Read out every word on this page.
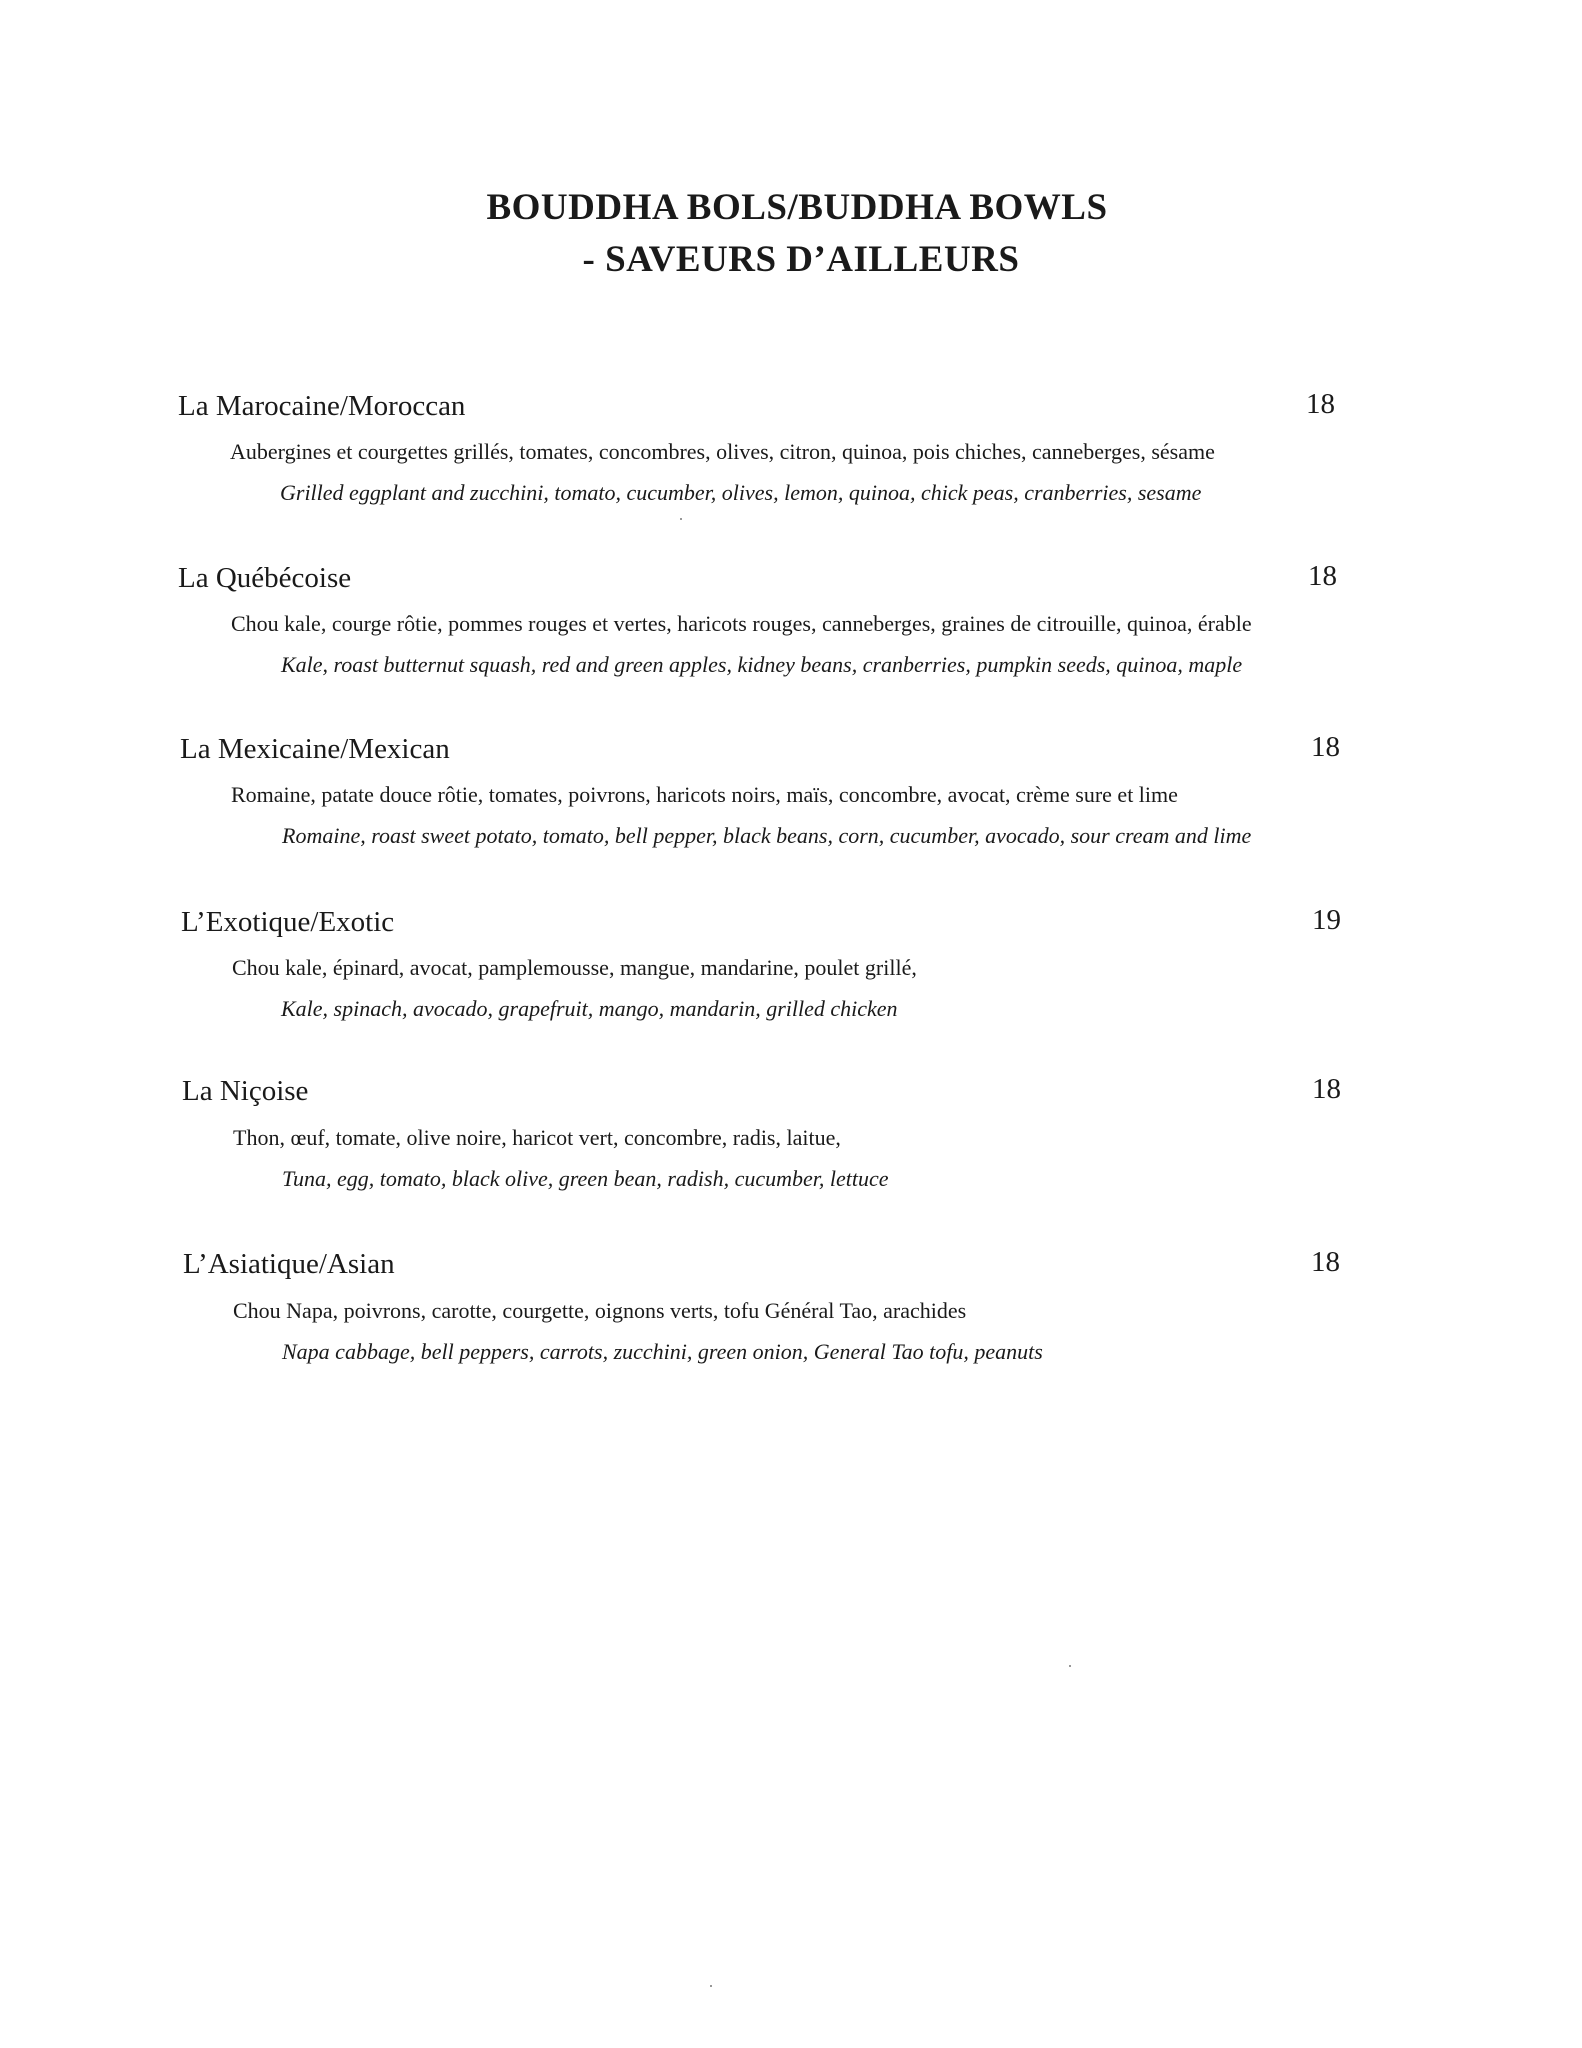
BOUDDHA BOLS/BUDDHA BOWLS
- SAVEURS D’AILLEURS
La Marocaine/Moroccan	18
Aubergines et courgettes grillés, tomates, concombres, olives, citron, quinoa, pois chiches, canneberges, sésame
Grilled eggplant and zucchini, tomato, cucumber, olives, lemon, quinoa, chick peas, cranberries, sesame
La Québécoise	18
Chou kale, courge rôtie, pommes rouges et vertes, haricots rouges, canneberges, graines de citrouille, quinoa, érable
Kale, roast butternut squash, red and green apples, kidney beans, cranberries, pumpkin seeds, quinoa, maple
La Mexicaine/Mexican	18
Romaine, patate douce rôtie, tomates, poivrons, haricots noirs, maïs, concombre, avocat, crème sure et lime
Romaine, roast sweet potato, tomato, bell pepper, black beans, corn, cucumber, avocado, sour cream and lime
L’Exotique/Exotic	19
Chou kale, épinard, avocat, pamplemousse, mangue, mandarine, poulet grillé,
Kale, spinach, avocado, grapefruit, mango, mandarin, grilled chicken
La Niçoise	18
Thon, œuf, tomate, olive noire, haricot vert, concombre, radis, laitue,
Tuna, egg, tomato, black olive, green bean, radish, cucumber, lettuce
L’Asiatique/Asian	18
Chou Napa, poivrons, carotte, courgette, oignons verts, tofu Général Tao, arachides
Napa cabbage, bell peppers, carrots, zucchini, green onion, General Tao tofu, peanuts
